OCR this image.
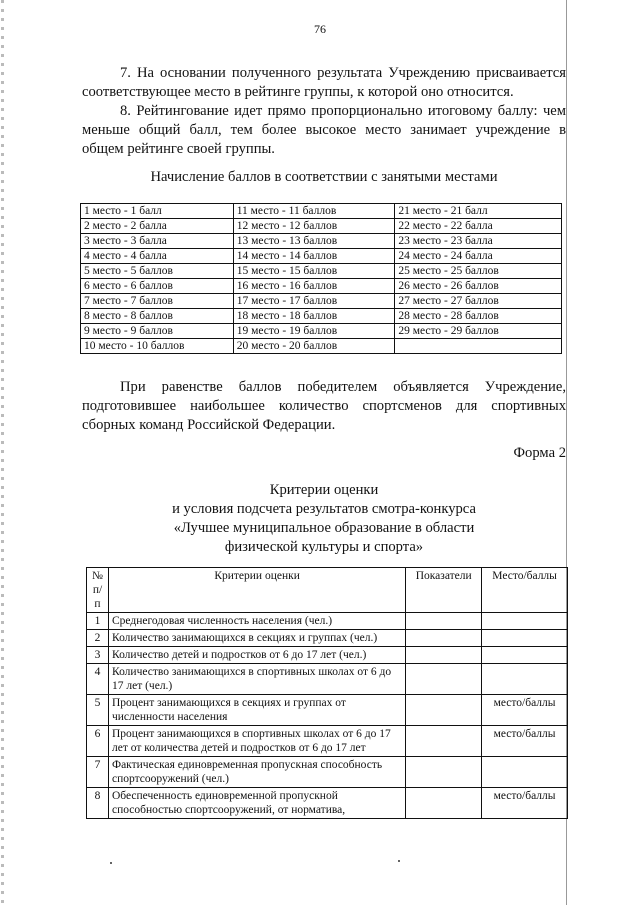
76
7. На основании полученного результата Учреждению присваивается
соответствующее место в рейтинге группы, к которой оно относится.
8. Рейтингование идет прямо пропорционально итоговому баллу: чем
меньше общий балл, тем более высокое место занимает учреждение в
общем рейтинге своей группы.
Начисление баллов в соответствии с занятыми местами
1 место - 1 балл	11 место - 11 баллов	21 место - 21 балл
2 место - 2 балла	12 место - 12 баллов	22 место - 22 балла
3 место - 3 балла	13 место - 13 баллов	23 место - 23 балла
4 место - 4 балла	14 место - 14 баллов	24 место - 24 балла
5 место - 5 баллов	15 место - 15 баллов	25 место - 25 баллов
6 место - 6 баллов	16 место - 16 баллов	26 место - 26 баллов
7 место - 7 баллов	17 место - 17 баллов	27 место - 27 баллов
8 место - 8 баллов	18 место - 18 баллов	28 место - 28 баллов
9 место - 9 баллов	19 место - 19 баллов	29 место - 29 баллов
10 место - 10 баллов	20 место - 20 баллов	
При равенстве баллов победителем объявляется Учреждение,
подготовившее наибольшее количество спортсменов для спортивных
сборных команд Российской Федерации.
Форма 2
Критерии оценки
и условия подсчета результатов смотра-конкурса
«Лучшее муниципальное образование в области
физической культуры и спорта»
№ п/п	Критерии оценки	Показатели	Место/баллы
1	Среднегодовая численность населения (чел.)		
2	Количество занимающихся в секциях и группах (чел.)		
3	Количество детей и подростков от 6 до 17 лет (чел.)		
4	Количество занимающихся в спортивных школах от 6 до 17 лет (чел.)		
5	Процент занимающихся в секциях и группах от численности населения		место/баллы
6	Процент занимающихся в спортивных школах от 6 до 17 лет от количества детей и подростков от 6 до 17 лет		место/баллы
7	Фактическая единовременная пропускная способность спортсооружений (чел.)		
8	Обеспеченность единовременной пропускной способностью спортсооружений, от норматива,		место/баллы
